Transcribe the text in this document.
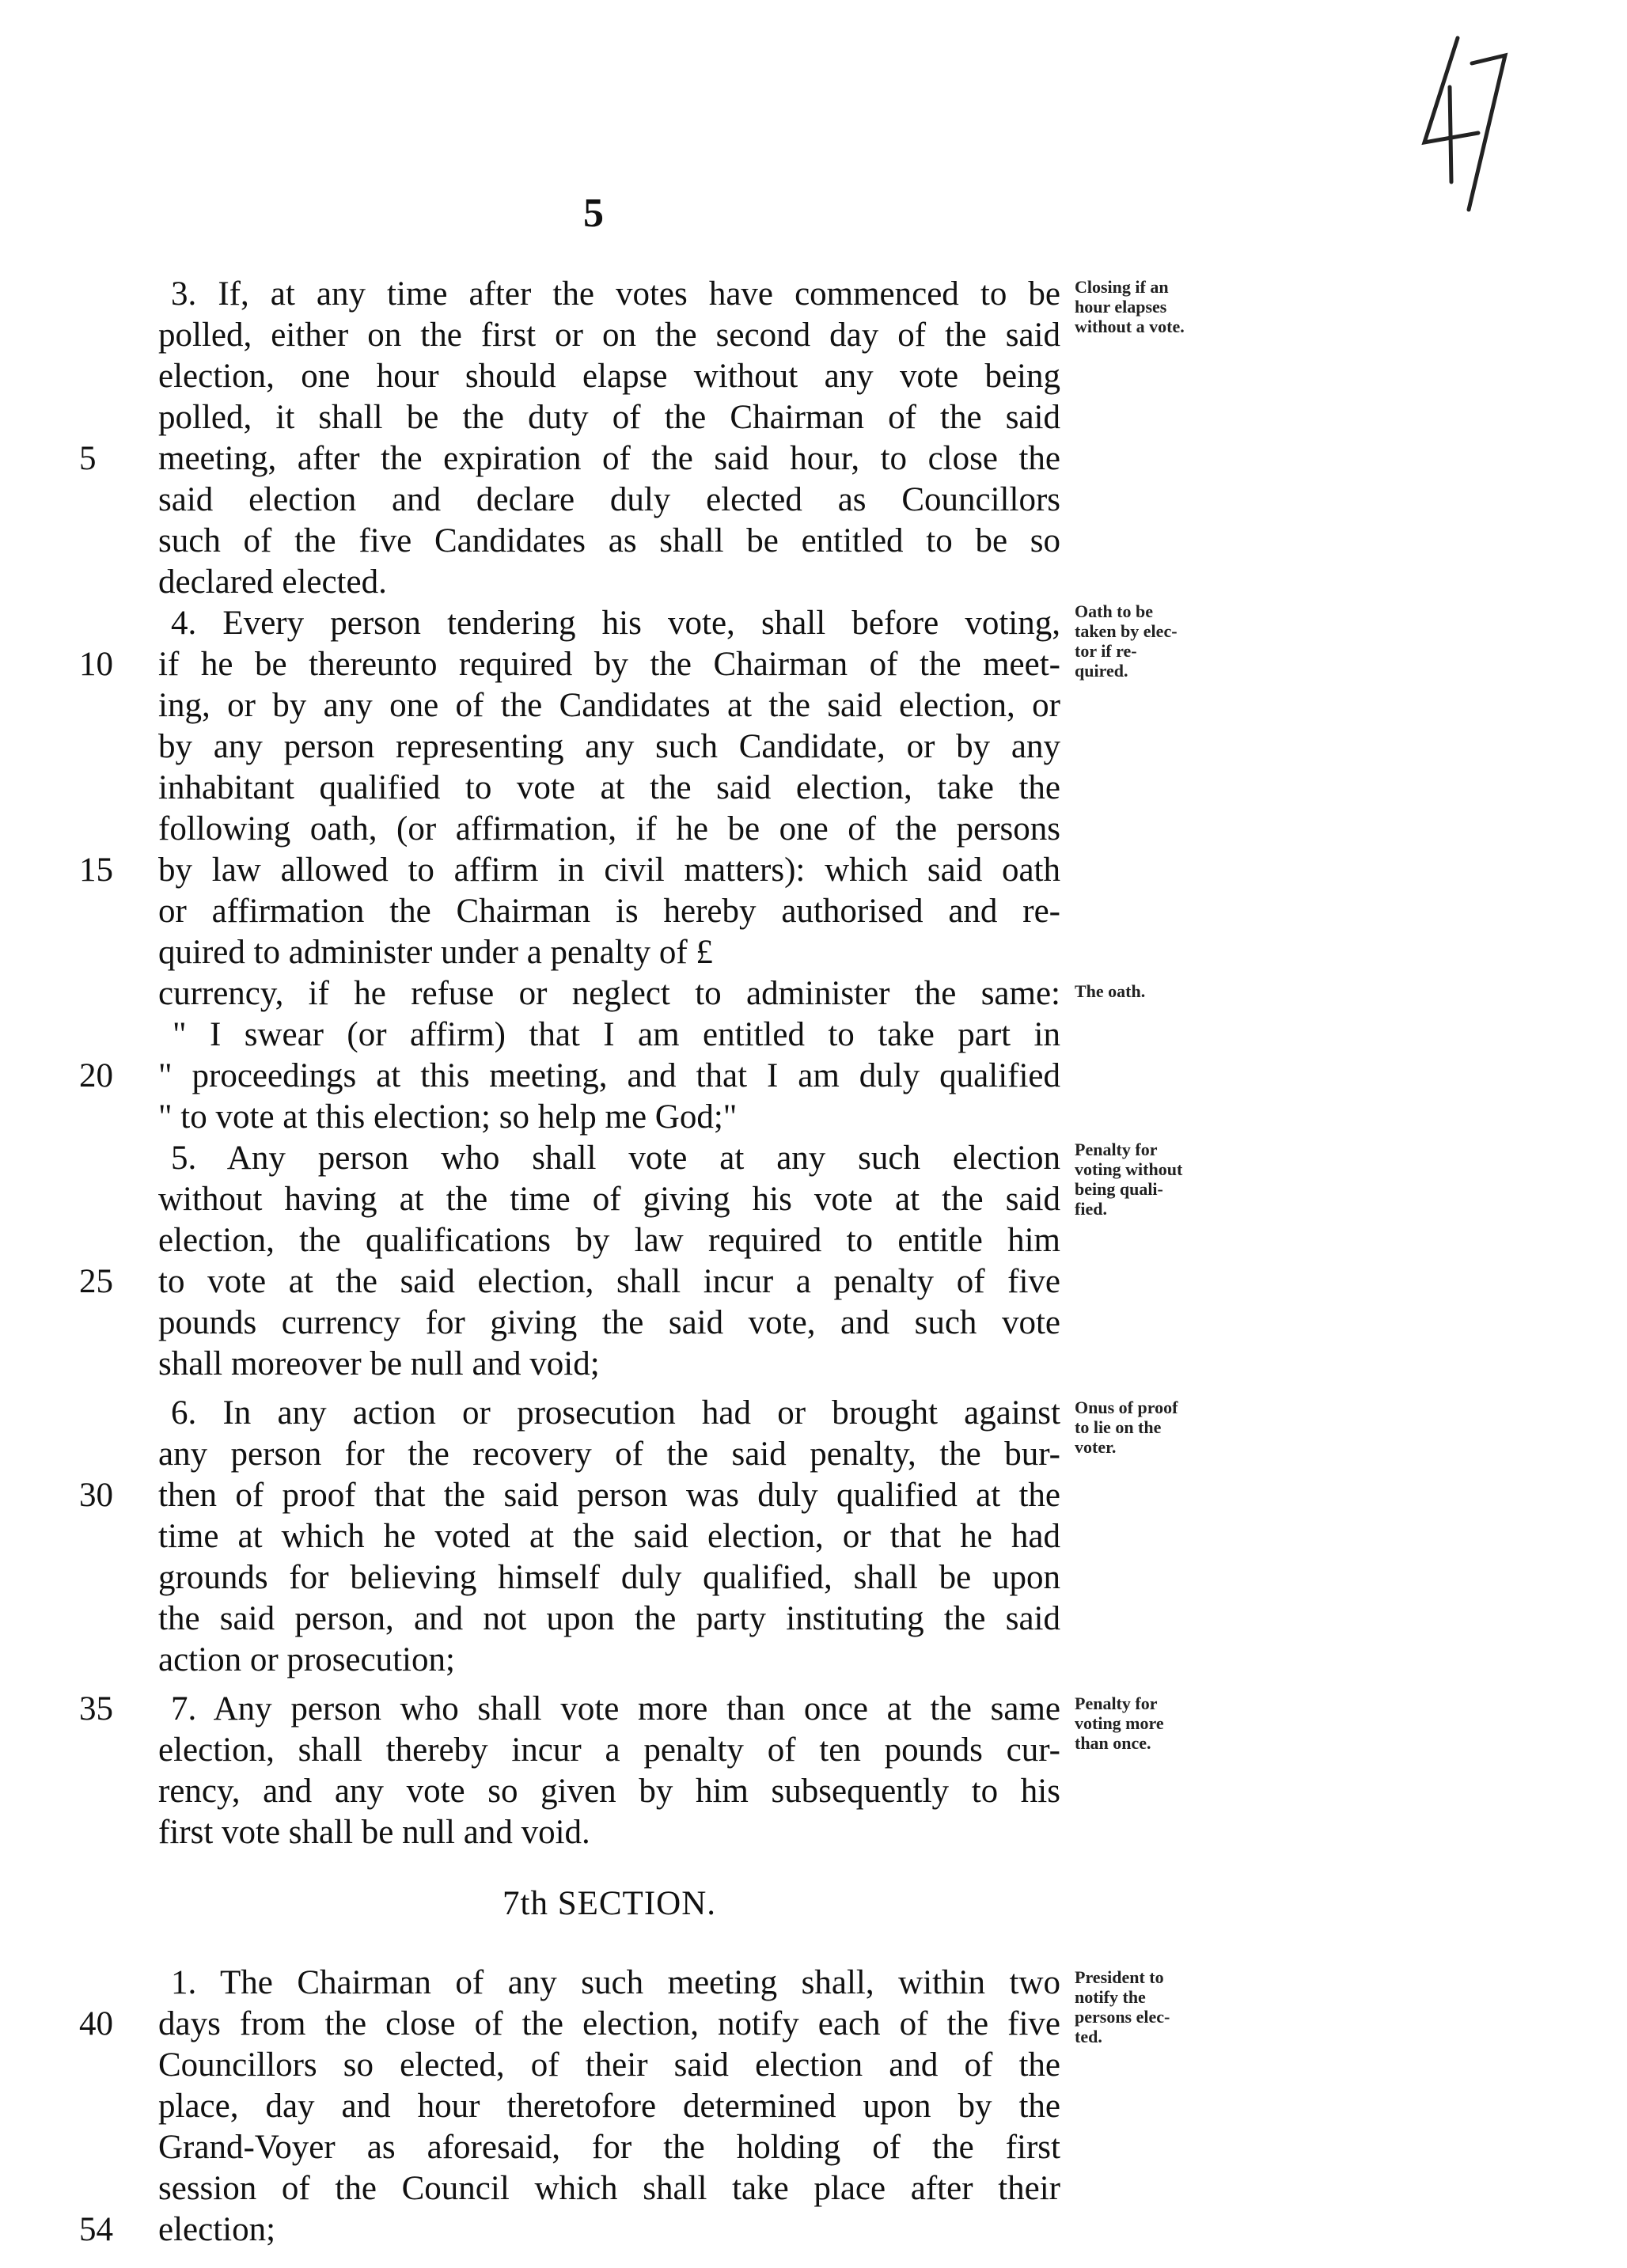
5
3. If, at any time after the votes have commenced to be
polled, either on the first or on the second day of the said
election, one hour should elapse without any vote being
polled, it shall be the duty of the Chairman of the said
meeting, after the expiration of the said hour, to close the
said election and declare duly elected as Councillors
such of the five Candidates as shall be entitled to be so
declared elected.
4. Every person tendering his vote, shall before voting,
if he be thereunto required by the Chairman of the meet-
ing, or by any one of the Candidates at the said election, or
by any person representing any such Candidate, or by any
inhabitant qualified to vote at the said election, take the
following oath, (or affirmation, if he be one of the persons
by law allowed to affirm in civil matters): which said oath
or affirmation the Chairman is hereby authorised and re-
quired to administer under a penalty of £
currency, if he refuse or neglect to administer the same:
" I swear (or affirm) that I am entitled to take part in
" proceedings at this meeting, and that I am duly qualified
" to vote at this election; so help me God;"
5. Any person who shall vote at any such election
without having at the time of giving his vote at the said
election, the qualifications by law required to entitle him
to vote at the said election, shall incur a penalty of five
pounds currency for giving the said vote, and such vote
shall moreover be null and void;
6. In any action or prosecution had or brought against
any person for the recovery of the said penalty, the bur-
then of proof that the said person was duly qualified at the
time at which he voted at the said election, or that he had
grounds for believing himself duly qualified, shall be upon
the said person, and not upon the party instituting the said
action or prosecution;
7. Any person who shall vote more than once at the same
election, shall thereby incur a penalty of ten pounds cur-
rency, and any vote so given by him subsequently to his
first vote shall be null and void.
7th SECTION.
1. The Chairman of any such meeting shall, within two
days from the close of the election, notify each of the five
Councillors so elected, of their said election and of the
place, day and hour theretofore determined upon by the
Grand-Voyer as aforesaid, for the holding of the first
session of the Council which shall take place after their
election;
5
10
15
20
25
30
35
40
54
Closing if an
hour elapses
without a vote.
Oath to be
taken by elec-
tor if re-
quired.
The oath.
Penalty for
voting without
being quali-
fied.
Onus of proof
to lie on the
voter.
Penalty for
voting more
than once.
President to
notify the
persons elec-
ted.
